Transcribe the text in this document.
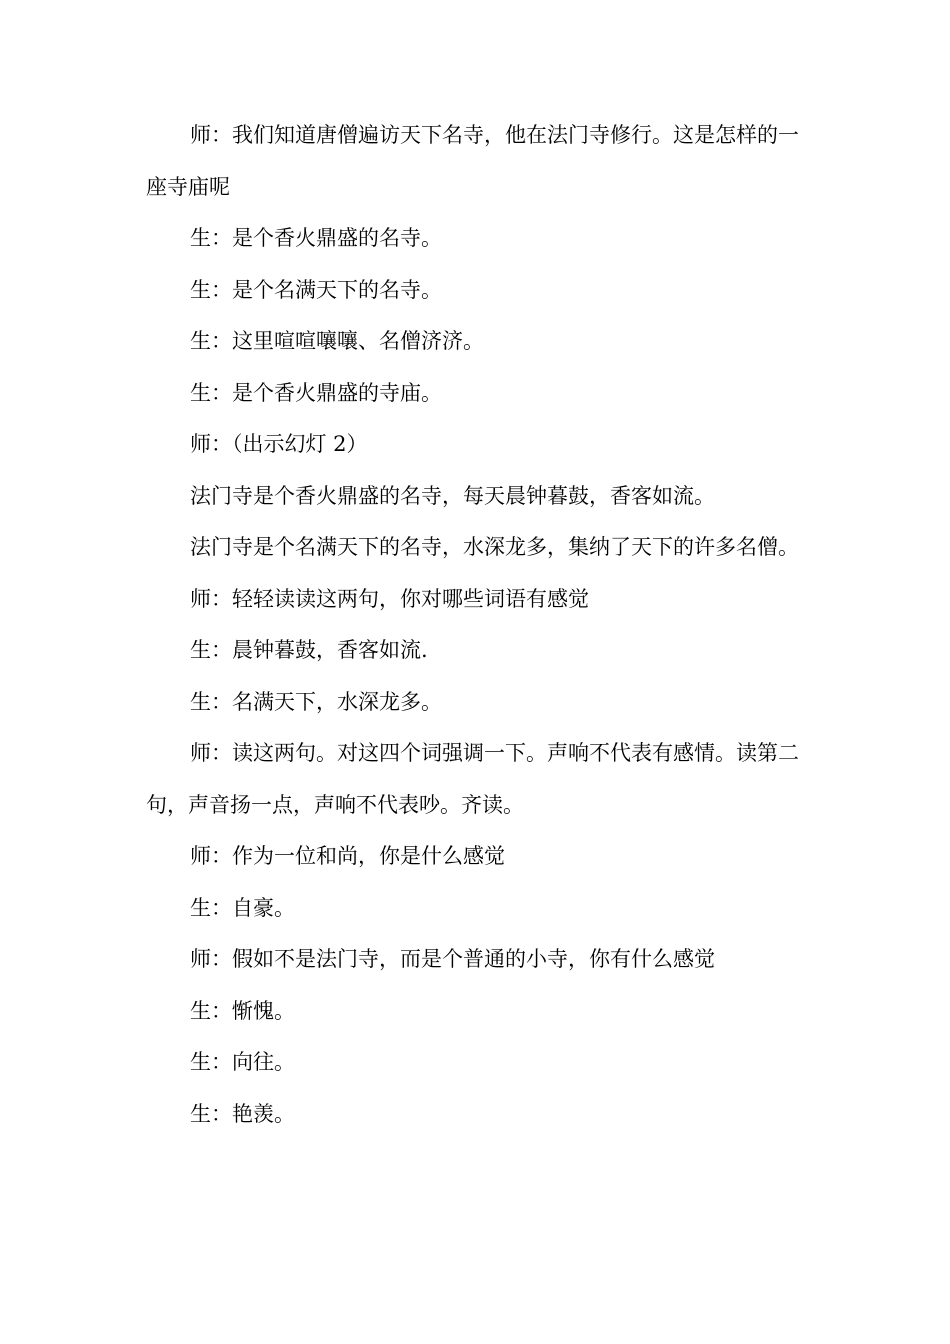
师：我们知道唐僧遍访天下名寺，他在法门寺修行。这是怎样的一座寺庙呢

生：是个香火鼎盛的名寺。

生：是个名满天下的名寺。

生：这里喧喧嚷嚷、名僧济济。

生：是个香火鼎盛的寺庙。

师：（出示幻灯 2）

法门寺是个香火鼎盛的名寺，每天晨钟暮鼓，香客如流。

法门寺是个名满天下的名寺，水深龙多，集纳了天下的许多名僧。

师：轻轻读读这两句，你对哪些词语有感觉

生：晨钟暮鼓，香客如流.

生：名满天下，水深龙多。

师：读这两句。对这四个词强调一下。声响不代表有感情。读第二句，声音扬一点，声响不代表吵。齐读。

师：作为一位和尚，你是什么感觉

生：自豪。

师：假如不是法门寺，而是个普通的小寺，你有什么感觉

生：惭愧。

生：向往。

生：艳羡。
